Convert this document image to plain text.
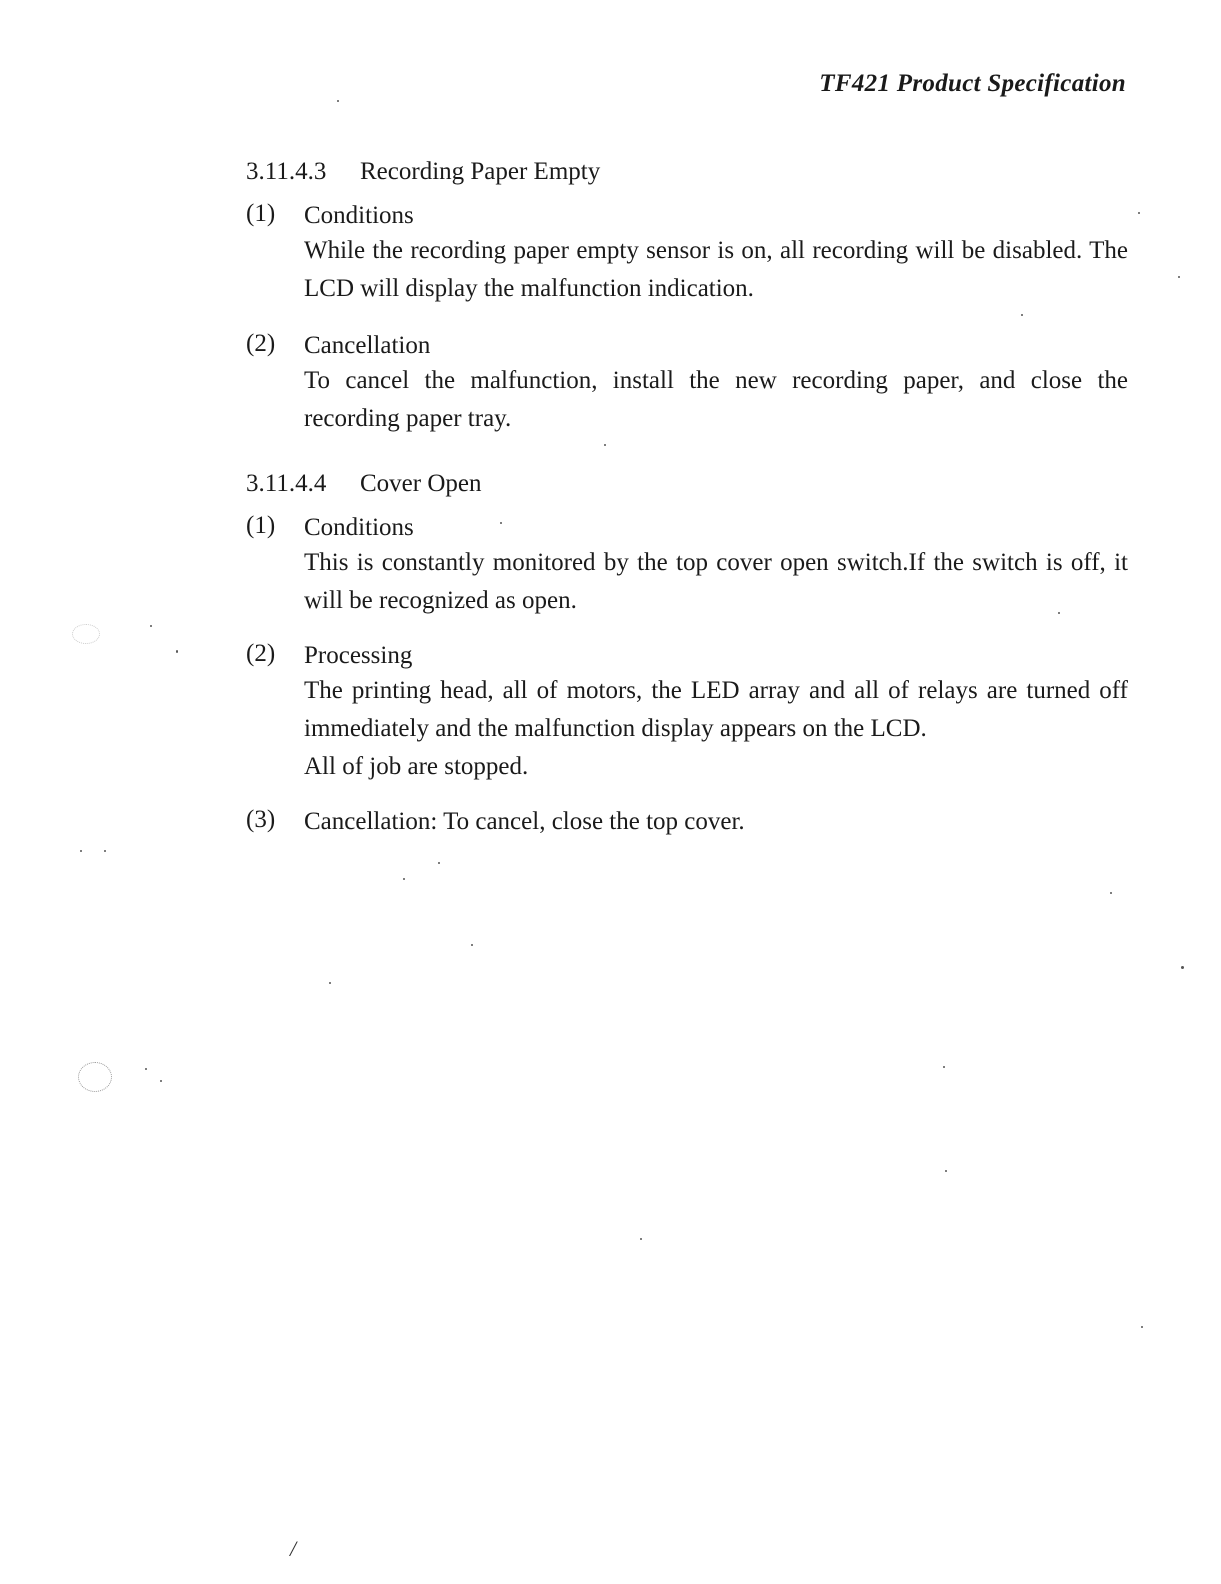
TF421 Product Specification
3.11.4.3 Recording Paper Empty
(1) Conditions
While the recording paper empty sensor is on, all recording will be disabled. The LCD will display the malfunction indication.
(2) Cancellation
To cancel the malfunction, install the new recording paper, and close the recording paper tray.
3.11.4.4 Cover Open
(1) Conditions
This is constantly monitored by the top cover open switch.If the switch is off, it will be recognized as open.
(2) Processing
The printing head, all of motors, the LED array and all of relays are turned off immediately and the malfunction display appears on the LCD.
All of job are stopped.
(3) Cancellation: To cancel, close the top cover.
/
